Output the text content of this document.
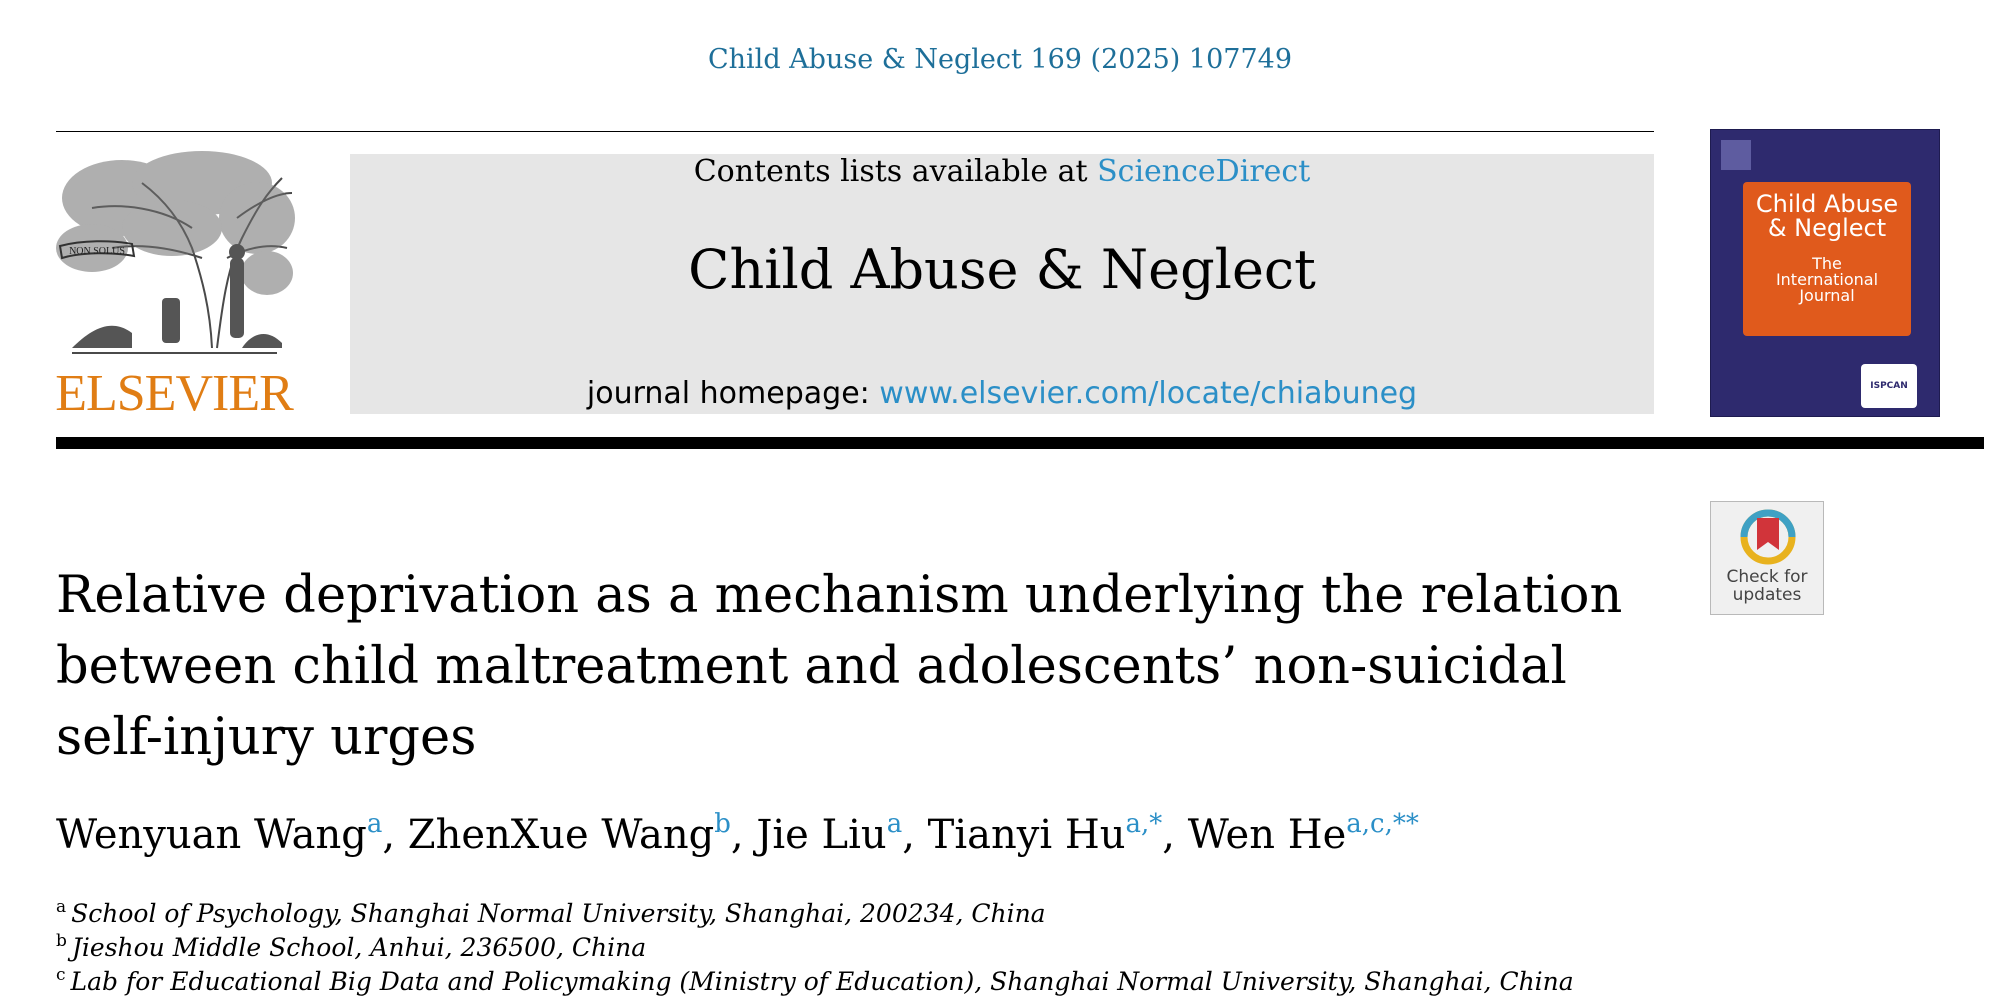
Child Abuse & Neglect 169 (2025) 107749
NON SOLUS
ELSEVIER
Contents lists available at ScienceDirect
Child Abuse & Neglect
journal homepage: www.elsevier.com/locate/chiabuneg
Child Abuse
& Neglect
The
International
Journal
ISPCAN
Check for
updates
Relative deprivation as a mechanism underlying the relation between child maltreatment and adolescents’ non-suicidal self-injury urges
Wenyuan Wang$^a$, ZhenXue Wang$^b$, Jie Liu$^a$, Tianyi $Hu^{a,*}$, Wen $He^{a,c,**}$
$^a$ School of Psychology, Shanghai Normal University, Shanghai, 200234, China
$^b$ Jieshou Middle School, Anhui, 236500, China
$^c$ Lab for Educational Big Data and Policymaking (Ministry of Education), Shanghai Normal University, Shanghai, China
